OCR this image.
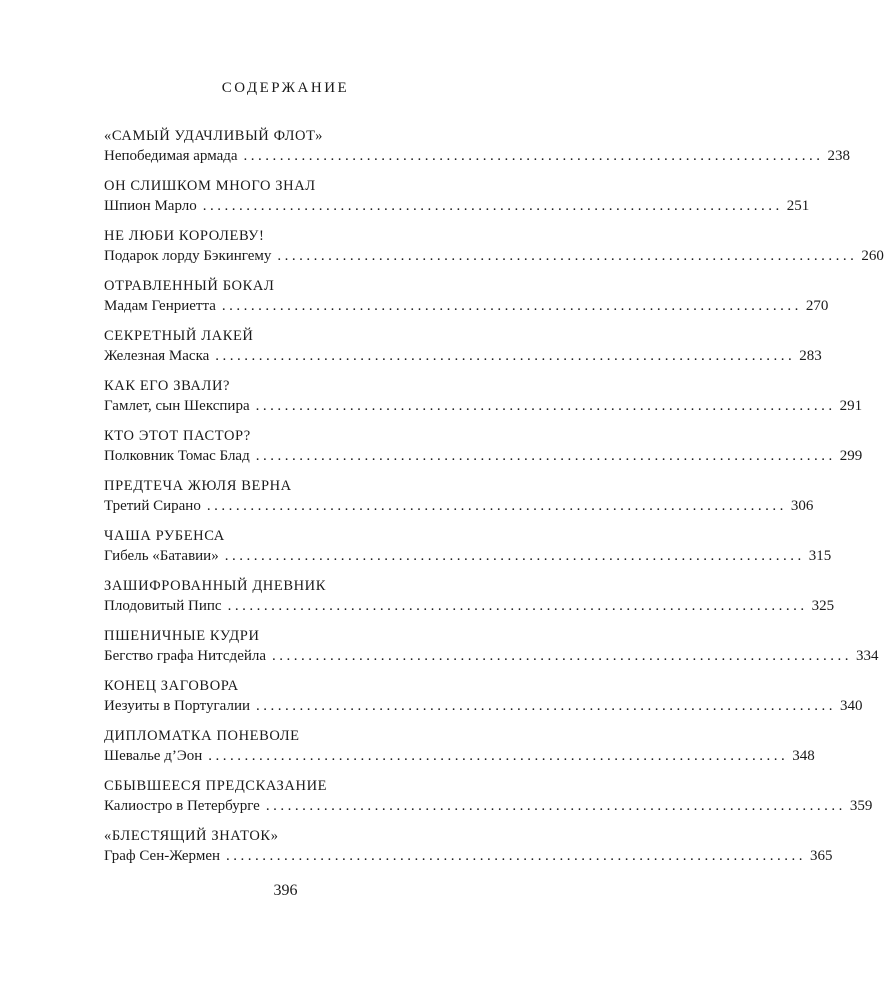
СОДЕРЖАНИЕ
«САМЫЙ УДАЧЛИВЫЙ ФЛОТ»
Непобедимая армада ................................................................................ 238
ОН СЛИШКОМ МНОГО ЗНАЛ
Шпион Марло ................................................................................ 251
НЕ ЛЮБИ КОРОЛЕВУ!
Подарок лорду Бэкингему ................................................................................ 260
ОТРАВЛЕННЫЙ БОКАЛ
Мадам Генриетта ................................................................................ 270
СЕКРЕТНЫЙ ЛАКЕЙ
Железная Маска ................................................................................ 283
КАК ЕГО ЗВАЛИ?
Гамлет, сын Шекспира ................................................................................ 291
КТО ЭТОТ ПАСТОР?
Полковник Томас Блад ................................................................................ 299
ПРЕДТЕЧА ЖЮЛЯ ВЕРНА
Третий Сирано ................................................................................ 306
ЧАША РУБЕНСА
Гибель «Батавии» ................................................................................ 315
ЗАШИФРОВАННЫЙ ДНЕВНИК
Плодовитый Пипс ................................................................................ 325
ПШЕНИЧНЫЕ КУДРИ
Бегство графа Нитсдейла ................................................................................ 334
КОНЕЦ ЗАГОВОРА
Иезуиты в Португалии ................................................................................ 340
ДИПЛОМАТКА ПОНЕВОЛЕ
Шевалье д’Эон ................................................................................ 348
СБЫВШЕЕСЯ ПРЕДСКАЗАНИЕ
Калиостро в Петербурге ................................................................................ 359
«БЛЕСТЯЩИЙ ЗНАТОК»
Граф Сен-Жермен ................................................................................ 365
396
